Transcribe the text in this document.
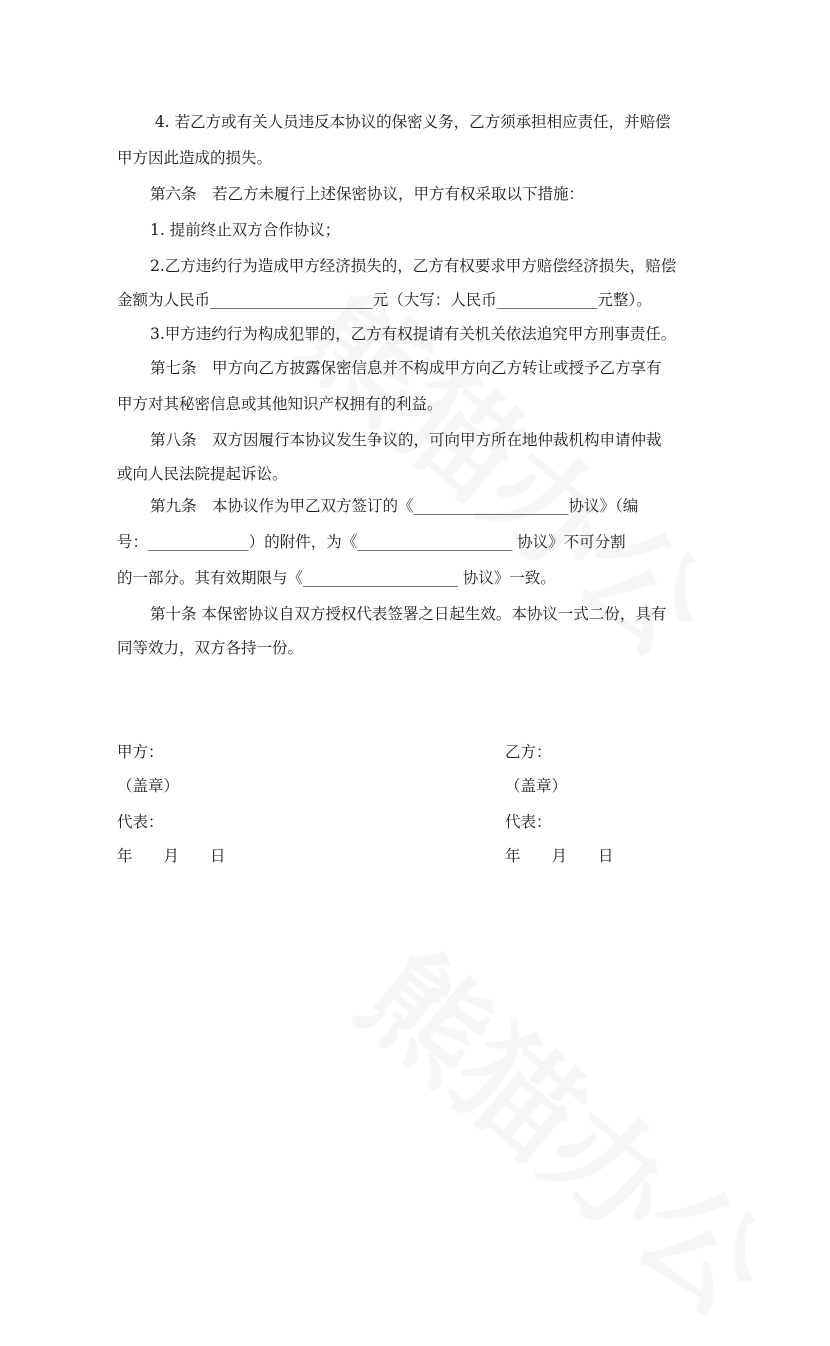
4. 若乙方或有关人员违反本协议的保密义务，乙方须承担相应责任，并赔偿
甲方因此造成的损失。
第六条　若乙方未履行上述保密协议，甲方有权采取以下措施：
1. 提前终止双方合作协议；
2.乙方违约行为造成甲方经济损失的，乙方有权要求甲方赔偿经济损失，赔偿
金额为人民币_____________________元（大写：人民币_____________元整）。
3.甲方违约行为构成犯罪的，乙方有权提请有关机关依法追究甲方刑事责任。
第七条　甲方向乙方披露保密信息并不构成甲方向乙方转让或授予乙方享有
甲方对其秘密信息或其他知识产权拥有的利益。
第八条　双方因履行本协议发生争议的，可向甲方所在地仲裁机构申请仲裁
或向人民法院提起诉讼。
第九条　本协议作为甲乙双方签订的《____________________协议》（编
号：_____________）的附件，为《____________________ 协议》不可分割
的一部分。其有效期限与《____________________ 协议》一致。
第十条 本保密协议自双方授权代表签署之日起生效。本协议一式二份，具有
同等效力，双方各持一份。
甲方：
（盖章）
代表：
年　　月　　日
乙方：
（盖章）
代表：
年　　月　　日
